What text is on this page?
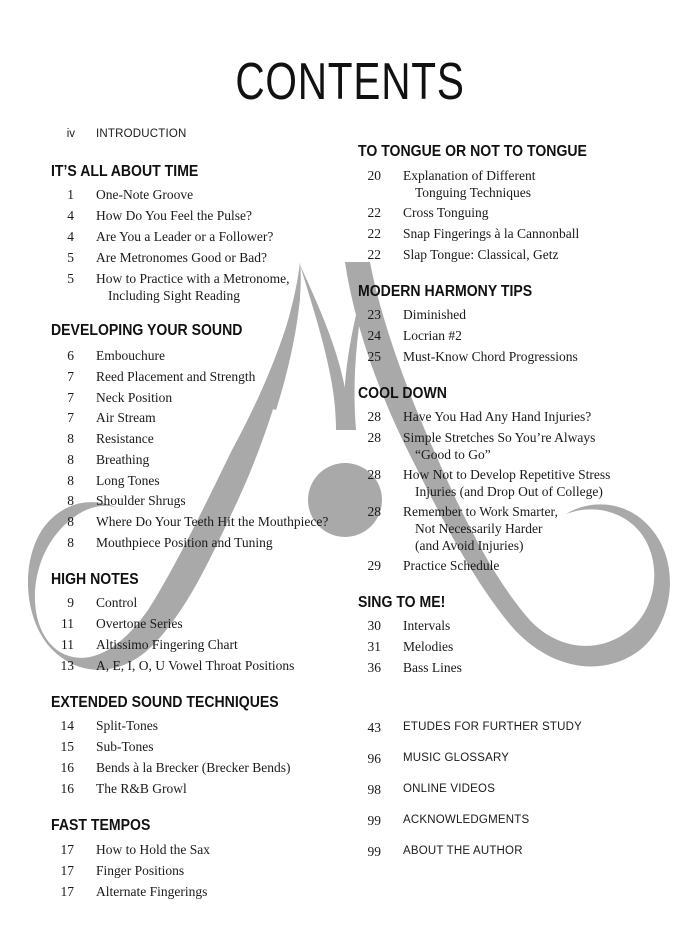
CONTENTS
iv INTRODUCTION
IT’S ALL ABOUT TIME
1 One-Note Groove
4 How Do You Feel the Pulse?
4 Are You a Leader or a Follower?
5 Are Metronomes Good or Bad?
5 How to Practice with a Metronome,
Including Sight Reading
DEVELOPING YOUR SOUND
6 Embouchure
7 Reed Placement and Strength
7 Neck Position
7 Air Stream
8 Resistance
8 Breathing
8 Long Tones
8 Shoulder Shrugs
8 Where Do Your Teeth Hit the Mouthpiece?
8 Mouthpiece Position and Tuning
HIGH NOTES
9 Control
11 Overtone Series
11 Altissimo Fingering Chart
13 A, E, I, O, U Vowel Throat Positions
EXTENDED SOUND TECHNIQUES
14 Split-Tones
15 Sub-Tones
16 Bends à la Brecker (Brecker Bends)
16 The R&B Growl
FAST TEMPOS
17 How to Hold the Sax
17 Finger Positions
17 Alternate Fingerings
TO TONGUE OR NOT TO TONGUE
20 Explanation of Different
Tonguing Techniques
22 Cross Tonguing
22 Snap Fingerings à la Cannonball
22 Slap Tongue: Classical, Getz
MODERN HARMONY TIPS
23 Diminished
24 Locrian #2
25 Must-Know Chord Progressions
COOL DOWN
28 Have You Had Any Hand Injuries?
28 Simple Stretches So You’re Always
“Good to Go”
28 How Not to Develop Repetitive Stress
Injuries (and Drop Out of College)
28 Remember to Work Smarter,
Not Necessarily Harder
(and Avoid Injuries)
29 Practice Schedule
SING TO ME!
30 Intervals
31 Melodies
36 Bass Lines
43 ETUDES FOR FURTHER STUDY
96 MUSIC GLOSSARY
98 ONLINE VIDEOS
99 ACKNOWLEDGMENTS
99 ABOUT THE AUTHOR
